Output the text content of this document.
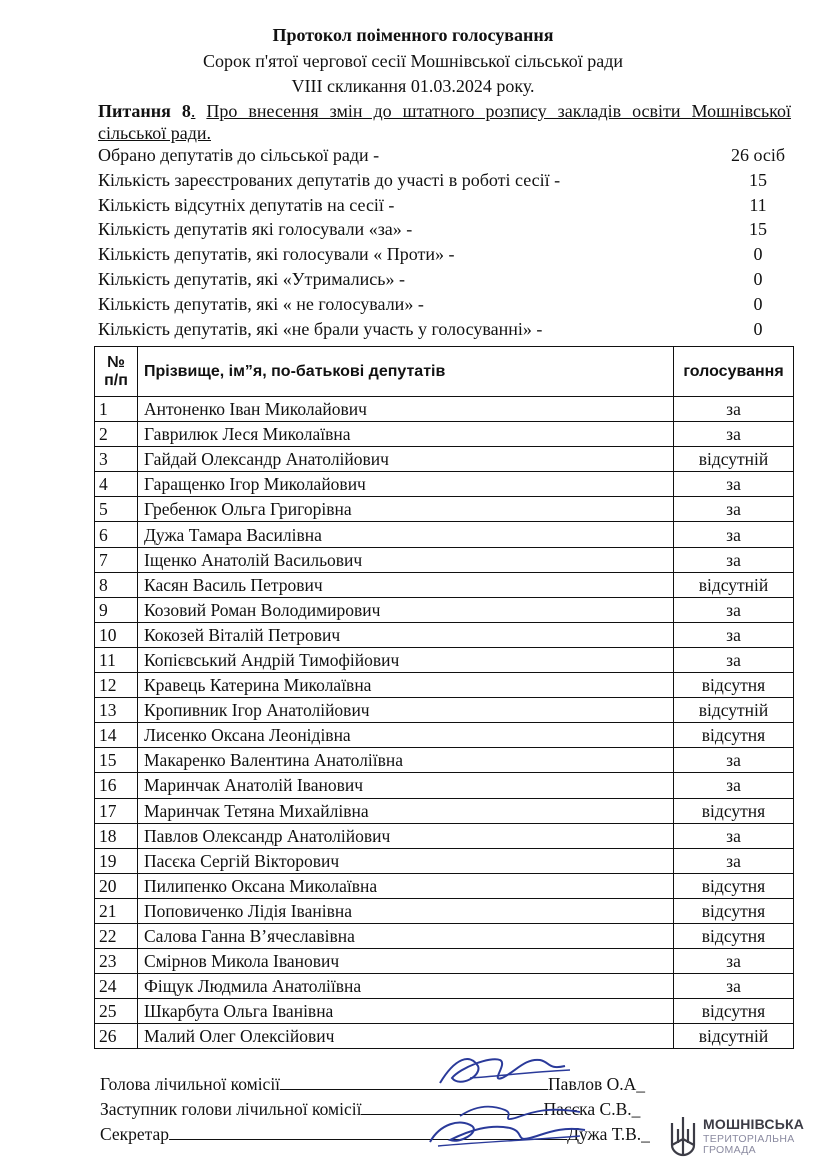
Протокол поіменного голосування
Сорок п'ятої чергової сесії Мошнівської сільської ради
VIII скликання 01.03.2024 року.
Питання 8. Про внесення змін до штатного розпису закладів освіти Мошнівської сільської ради.
Обрано депутатів до сільської ради -	26 осіб
Кількість зареєстрованих депутатів до участі в роботі сесії -	15
Кількість відсутніх депутатів на сесії -	11
Кількість депутатів які голосували «за» -	15
Кількість депутатів, які голосували « Проти» -	0
Кількість депутатів, які «Утримались» -	0
Кількість депутатів, які « не голосували» -	0
Кількість депутатів, які «не брали участь у голосуванні» -	0
№
п/п	Прізвище, ім”я, по-батькові депутатів	голосування
1	Антоненко Іван Миколайович	за
2	Гаврилюк Леся Миколаївна	за
3	Гайдай Олександр Анатолійович	відсутній
4	Гаращенко Ігор Миколайович	за
5	Гребенюк Ольга Григорівна	за
6	Дужа Тамара Василівна	за
7	Іщенко Анатолій Васильович	за
8	Касян Василь Петрович	відсутній
9	Козовий Роман Володимирович	за
10	Кокозей Віталій Петрович	за
11	Копієвський Андрій Тимофійович	за
12	Кравець Катерина Миколаївна	відсутня
13	Кропивник Ігор Анатолійович	відсутній
14	Лисенко Оксана Леонідівна	відсутня
15	Макаренко Валентина Анатоліївна	за
16	Маринчак Анатолій Іванович	за
17	Маринчак Тетяна Михайлівна	відсутня
18	Павлов Олександр Анатолійович	за
19	Пасєка Сергій Вікторович	за
20	Пилипенко Оксана Миколаївна	відсутня
21	Поповиченко Лідія Іванівна	відсутня
22	Салова Ганна В’ячеславівна	відсутня
23	Смірнов Микола Іванович	за
24	Фіщук Людмила Анатоліївна	за
25	Шкарбута Ольга Іванівна	відсутня
26	Малий Олег Олексійович	відсутній
Голова лічильної комісії	Павлов О.А_
Заступник голови лічильної комісії	Пасєка С.В._
Секретар	Дужа Т.В._	МОШНІВСЬКА
ТЕРИТОРІАЛЬНА
ГРОМАДА
